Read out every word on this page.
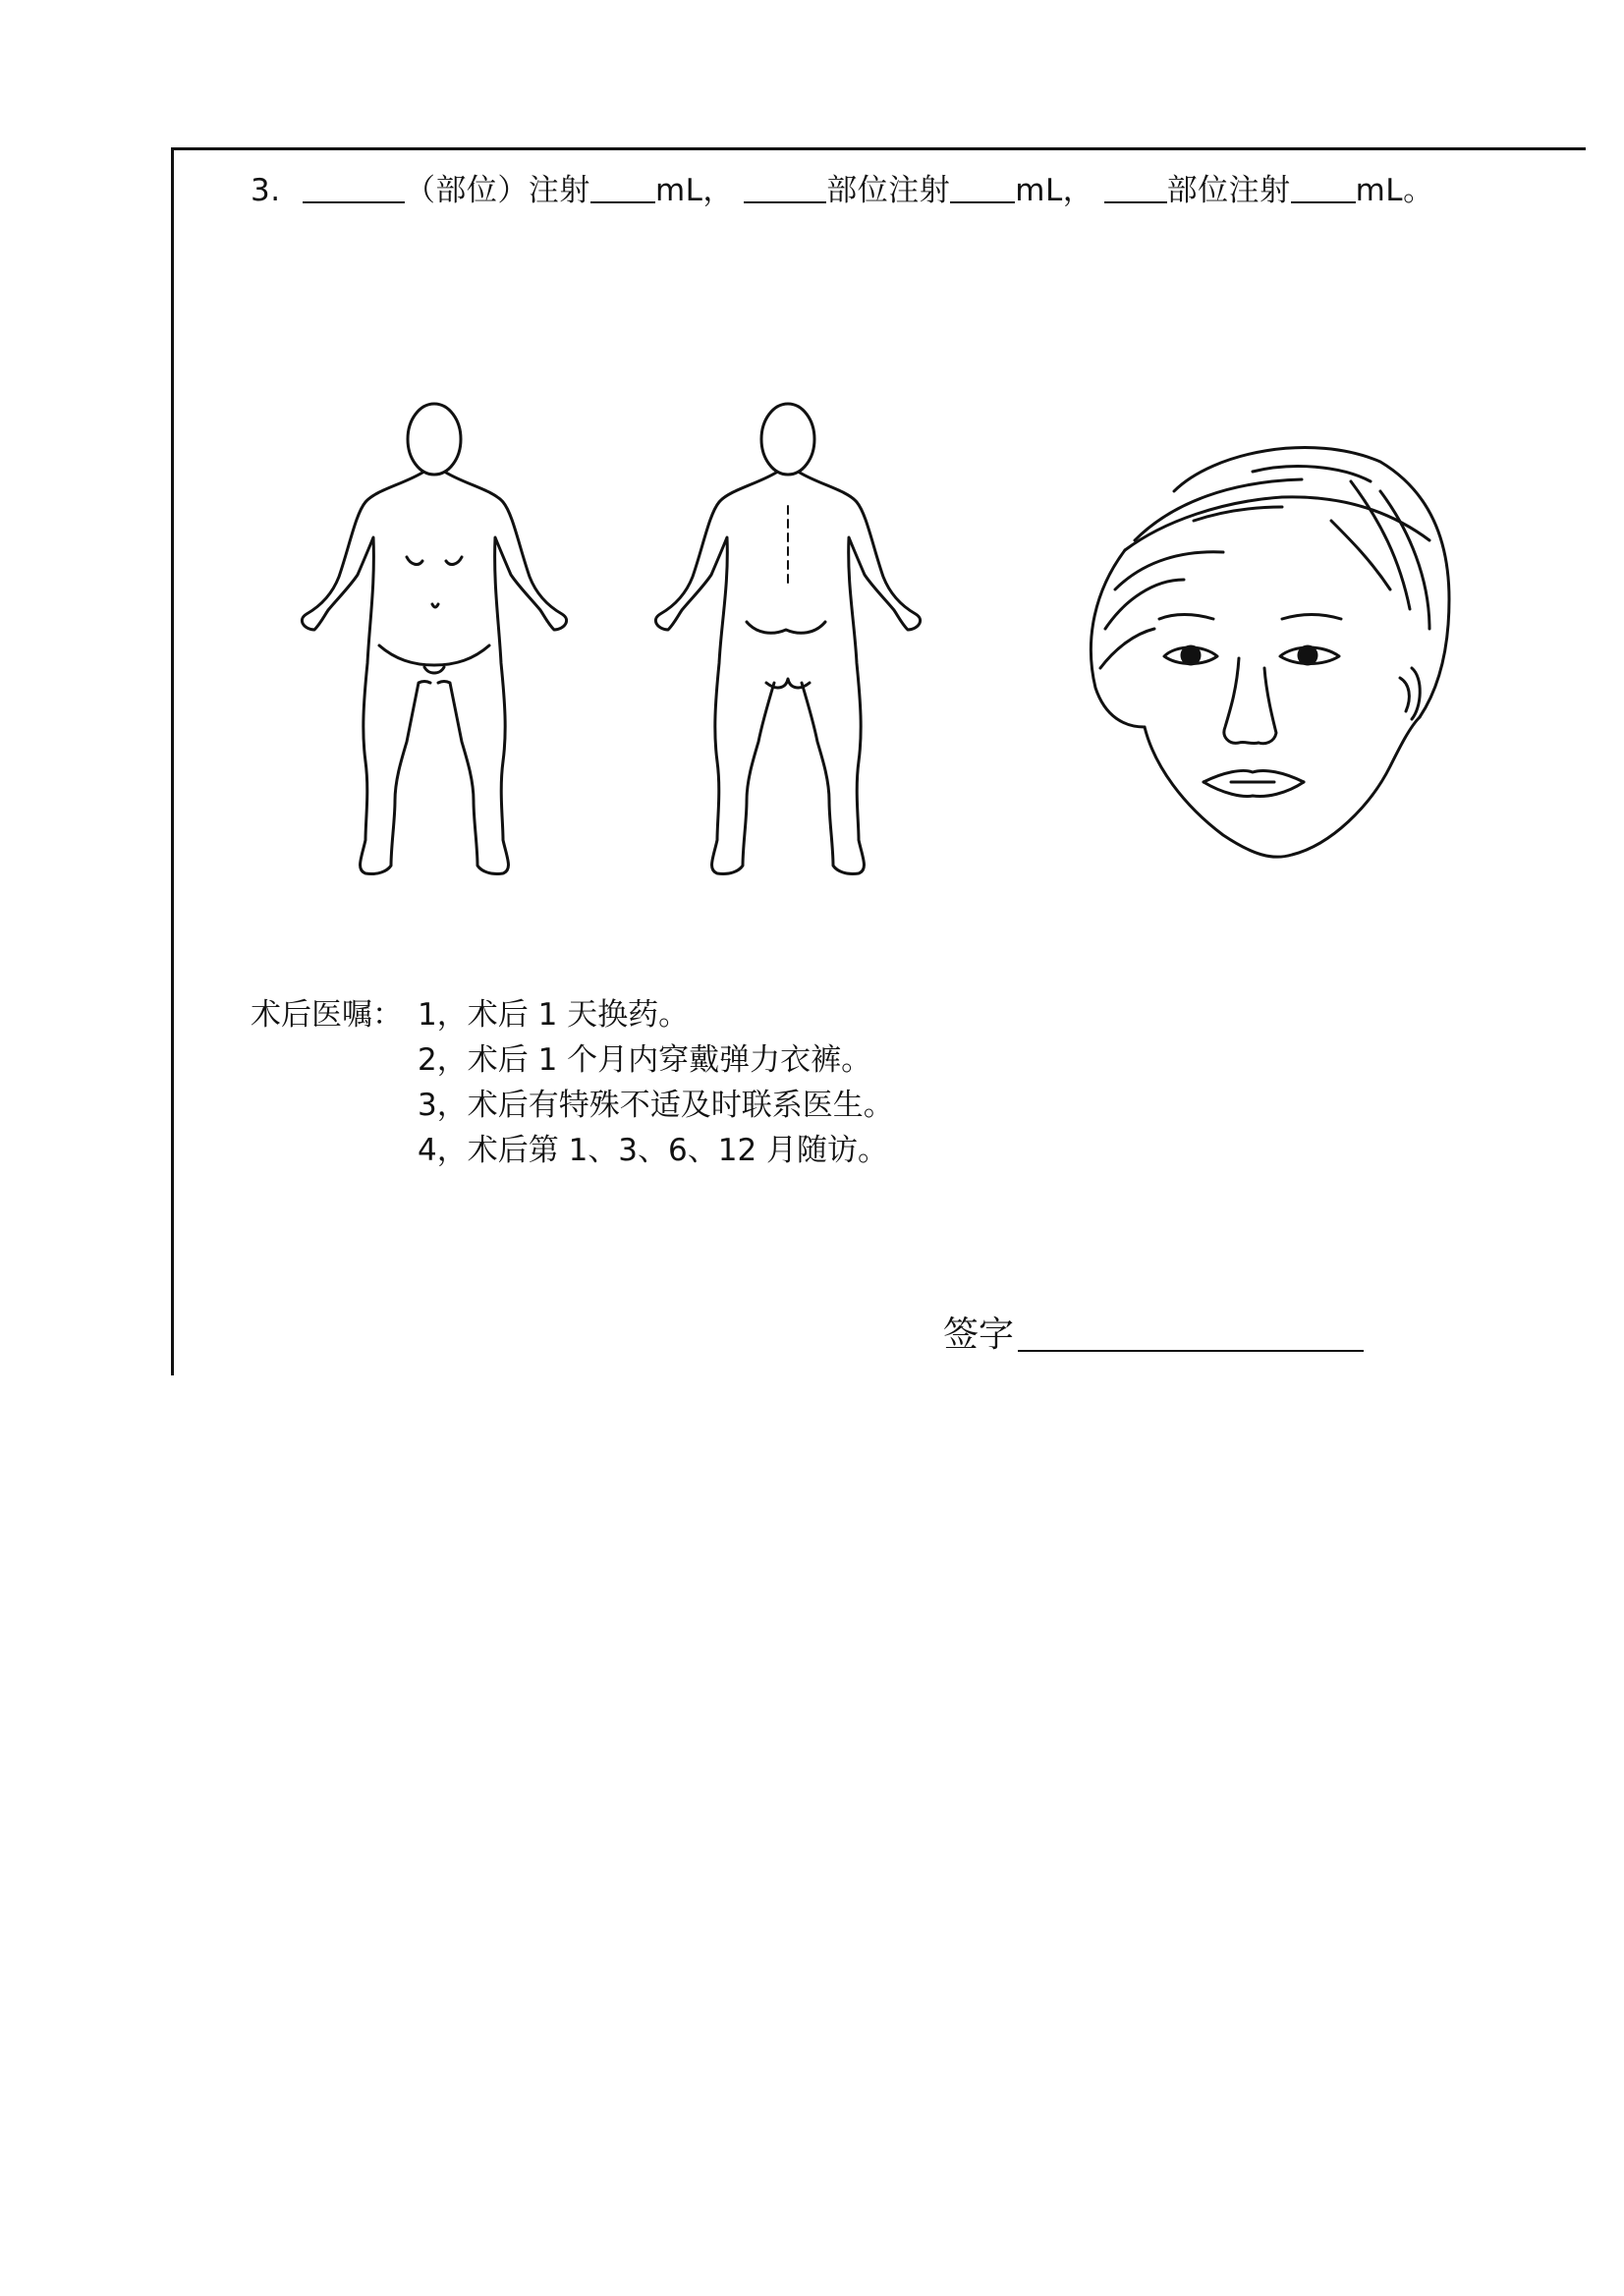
3.	（部位）注射 mL，	部位注射 mL， 部位注射 mL。
术后医嘱： 1，术后 1 天换药。
2，术后 1 个月内穿戴弹力衣裤。
3，术后有特殊不适及时联系医生。
4，术后第 1、3、6、12 月随访。
签字
